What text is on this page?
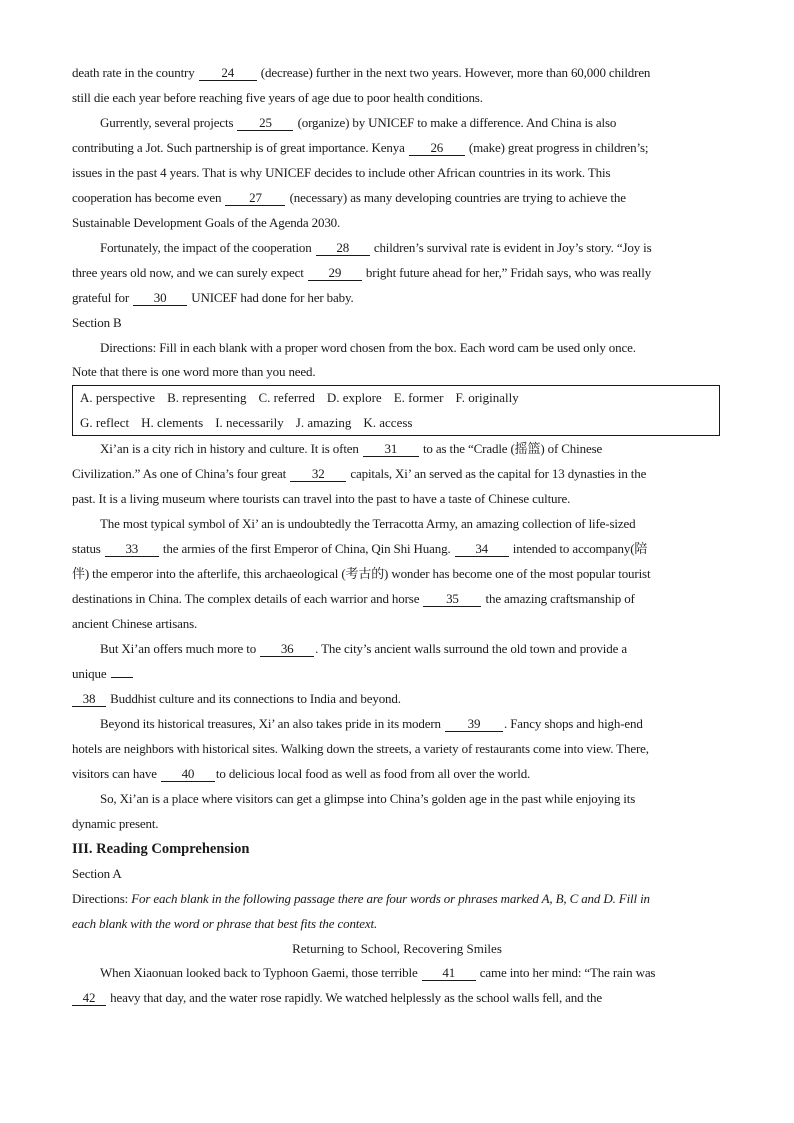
death rate in the country 24 (decrease) further in the next two years. However, more than 60,000 children
still die each year before reaching five years of age due to poor health conditions.
Gurrently, several projects 25 (organize) by UNICEF to make a difference. And China is also
contributing a Jot. Such partnership is of great importance. Kenya 26 (make) great progress in children’s;
issues in the past 4 years. That is why UNICEF decides to include other African countries in its work. This
cooperation has become even 27 (necessary) as many developing countries are trying to achieve the
Sustainable Development Goals of the Agenda 2030.
Fortunately, the impact of the cooperation 28 children’s survival rate is evident in Joy’s story. “Joy is
three years old now, and we can surely expect 29 bright future ahead for her,” Fridah says, who was really
grateful for 30 UNICEF had done for her baby.
Section B
Directions: Fill in each blank with a proper word chosen from the box. Each word cam be used only once.
Note that there is one word more than you need.
A. perspective B. representing C. referred D. explore E. former F. originally
G. reflect H. clements I. necessarily J. amazing K. access
Xi’an is a city rich in history and culture. It is often 31 to as the “Cradle (摇篮) of Chinese
Civilization.” As one of China’s four great 32 capitals, Xi’ an served as the capital for 13 dynasties in the
past. It is a living museum where tourists can travel into the past to have a taste of Chinese culture.
The most typical symbol of Xi’ an is undoubtedly the Terracotta Army, an amazing collection of life-sized
status 33 the armies of the first Emperor of China, Qin Shi Huang. 34 intended to accompany(陪
伴) the emperor into the afterlife, this archaeological (考古的) wonder has become one of the most popular tourist
destinations in China. The complex details of each warrior and horse 35 the amazing craftsmanship of
ancient Chinese artisans.
But Xi’an offers much more to 36 . The city’s ancient walls surround the old town and provide a
unique
38 Buddhist culture and its connections to India and beyond.
Beyond its historical treasures, Xi’ an also takes pride in its modern 39 . Fancy shops and high-end
hotels are neighbors with historical sites. Walking down the streets, a variety of restaurants come into view. There,
visitors can have 40 to delicious local food as well as food from all over the world.
So, Xi’an is a place where visitors can get a glimpse into China’s golden age in the past while enjoying its
dynamic present.
III. Reading Comprehension
Section A
Directions: For each blank in the following passage there are four words or phrases marked A, B, C and D. Fill in
each blank with the word or phrase that best fits the context.
Returning to School, Recovering Smiles
When Xiaonuan looked back to Typhoon Gaemi, those terrible 41 came into her mind: “The rain was
42 heavy that day, and the water rose rapidly. We watched helplessly as the school walls fell, and the
